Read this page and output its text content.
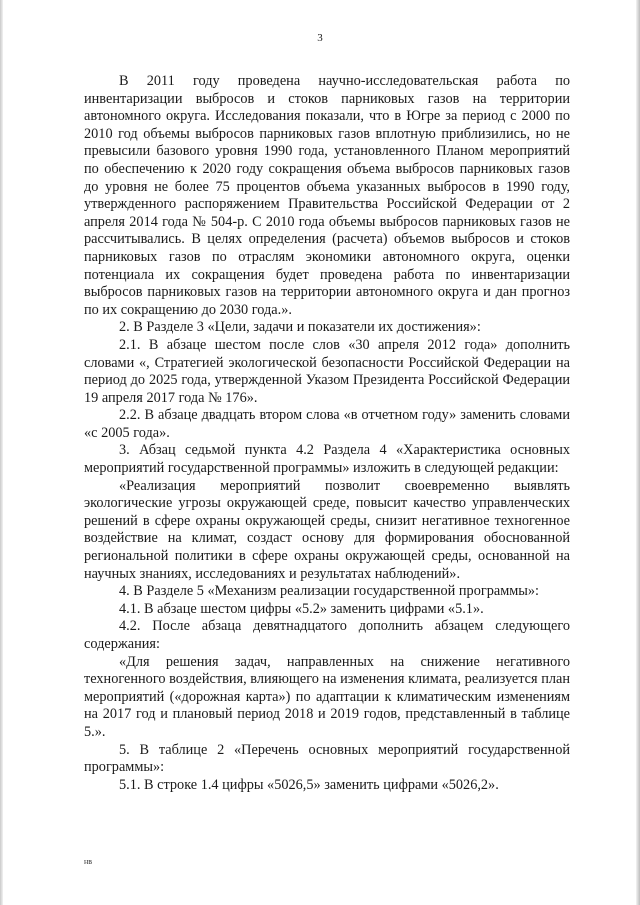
3

В 2011 году проведена научно-исследовательская работа по инвентаризации выбросов и стоков парниковых газов на территории автономного округа. Исследования показали, что в Югре за период с 2000 по 2010 год объемы выбросов парниковых газов вплотную приблизились, но не превысили базового уровня 1990 года, установленного Планом мероприятий по обеспечению к 2020 году сокращения объема выбросов парниковых газов до уровня не более 75 процентов объема указанных выбросов в 1990 году, утвержденного распоряжением Правительства Российской Федерации от 2 апреля 2014 года № 504-р. С 2010 года объемы выбросов парниковых газов не рассчитывались. В целях определения (расчета) объемов выбросов и стоков парниковых газов по отраслям экономики автономного округа, оценки потенциала их сокращения будет проведена работа по инвентаризации выбросов парниковых газов на территории автономного округа и дан прогноз по их сокращению до 2030 года.».

2. В Разделе 3 «Цели, задачи и показатели их достижения»:

2.1. В абзаце шестом после слов «30 апреля 2012 года» дополнить словами «, Стратегией экологической безопасности Российской Федерации на период до 2025 года, утвержденной Указом Президента Российской Федерации 19 апреля 2017 года № 176».

2.2. В абзаце двадцать втором слова «в отчетном году» заменить словами «с 2005 года».

3. Абзац седьмой пункта 4.2 Раздела 4 «Характеристика основных мероприятий государственной программы» изложить в следующей редакции:

«Реализация мероприятий позволит своевременно выявлять экологические угрозы окружающей среде, повысит качество управленческих решений в сфере охраны окружающей среды, снизит негативное техногенное воздействие на климат, создаст основу для формирования обоснованной региональной политики в сфере охраны окружающей среды, основанной на научных знаниях, исследованиях и результатах наблюдений».

4. В Разделе 5 «Механизм реализации государственной программы»:

4.1. В абзаце шестом цифры «5.2» заменить цифрами «5.1».

4.2. После абзаца девятнадцатого дополнить абзацем следующего содержания:

«Для решения задач, направленных на снижение негативного техногенного воздействия, влияющего на изменения климата, реализуется план мероприятий («дорожная карта») по адаптации к климатическим изменениям на 2017 год и плановый период 2018 и 2019 годов, представленный в таблице 5.».

5. В таблице 2 «Перечень основных мероприятий государственной программы»:

5.1. В строке 1.4 цифры «5026,5» заменить цифрами «5026,2».

нв
